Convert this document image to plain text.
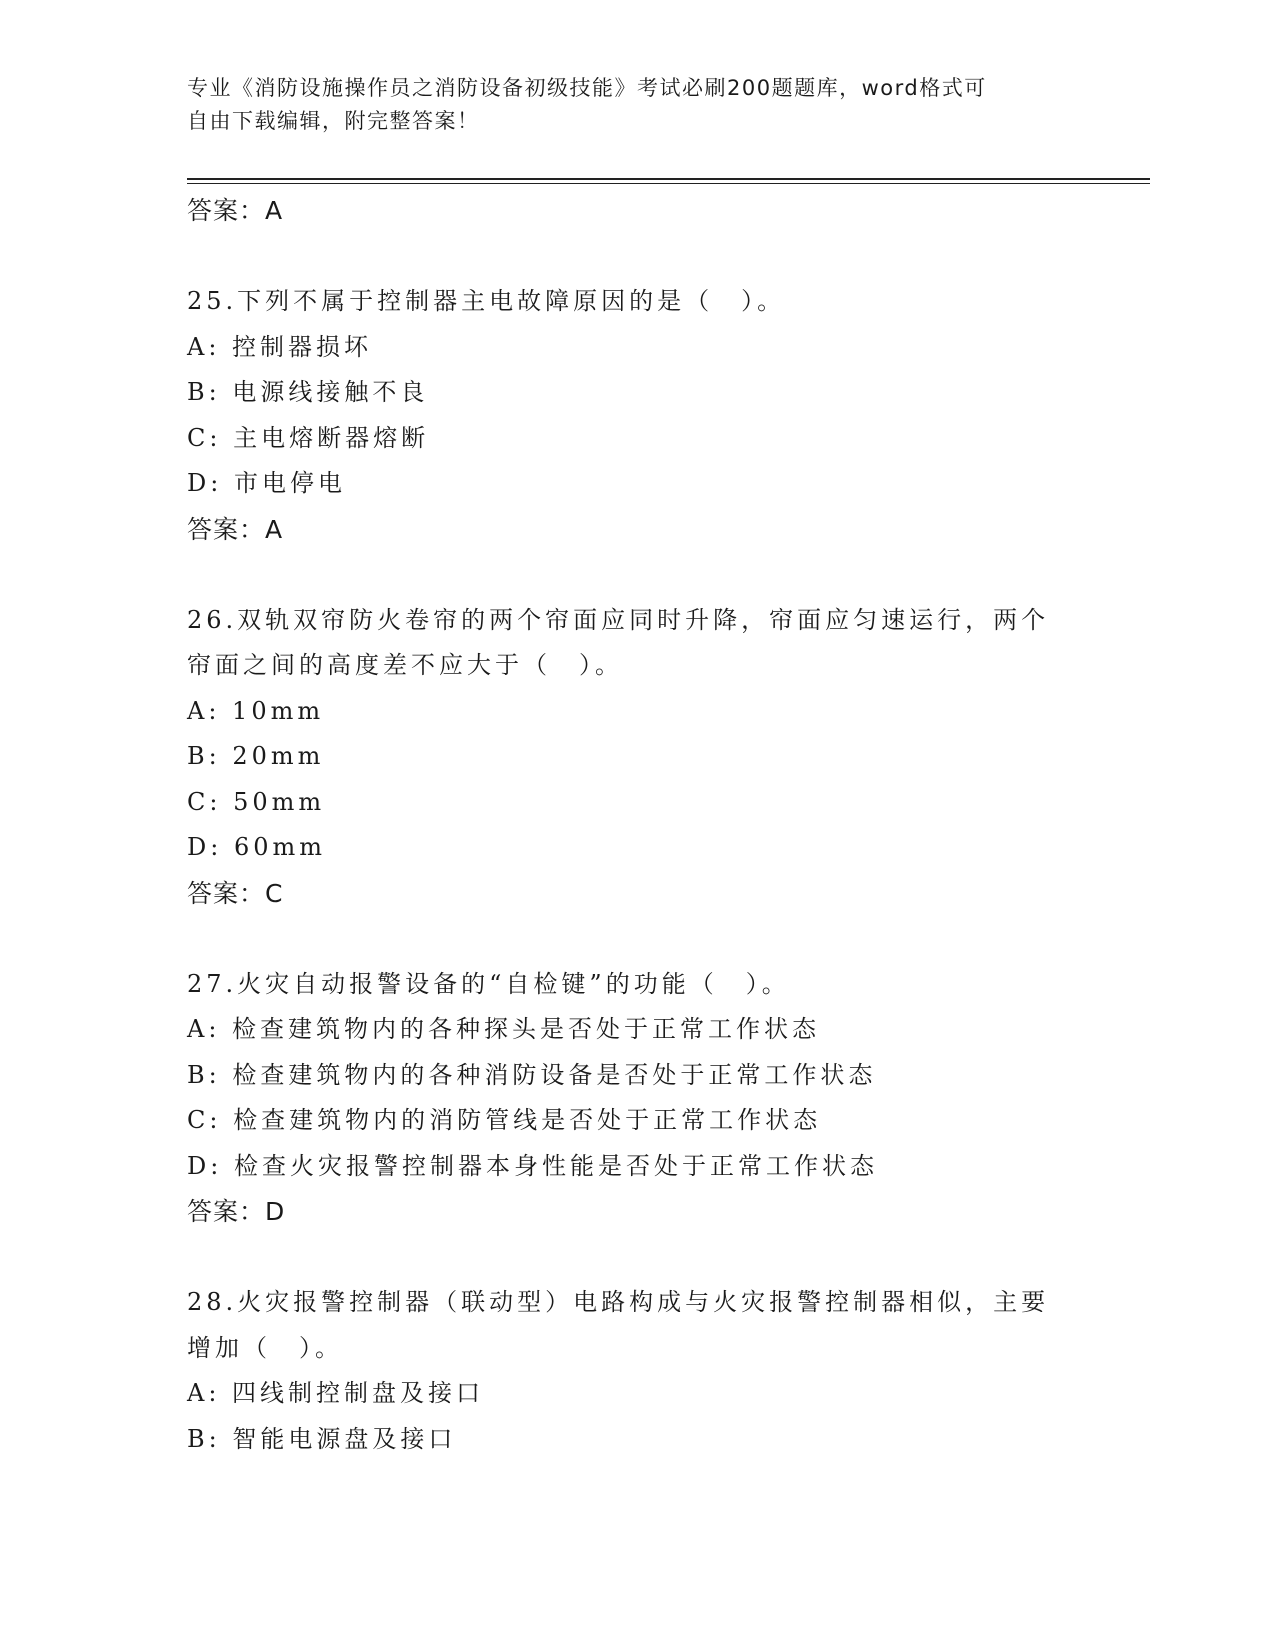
专业《消防设施操作员之消防设备初级技能》考试必刷200题题库，word格式可
自由下载编辑，附完整答案！
答案：A
25.下列不属于控制器主电故障原因的是（　）。
A: 控制器损坏
B: 电源线接触不良
C: 主电熔断器熔断
D: 市电停电
答案：A
26.双轨双帘防火卷帘的两个帘面应同时升降，帘面应匀速运行，两个
帘面之间的高度差不应大于（　）。
A: 10mm
B: 20mm
C: 50mm
D: 60mm
答案：C
27.火灾自动报警设备的“自检键”的功能（　）。
A: 检查建筑物内的各种探头是否处于正常工作状态
B: 检查建筑物内的各种消防设备是否处于正常工作状态
C: 检查建筑物内的消防管线是否处于正常工作状态
D: 检查火灾报警控制器本身性能是否处于正常工作状态
答案：D
28.火灾报警控制器（联动型）电路构成与火灾报警控制器相似，主要
增加（　）。
A: 四线制控制盘及接口
B: 智能电源盘及接口
